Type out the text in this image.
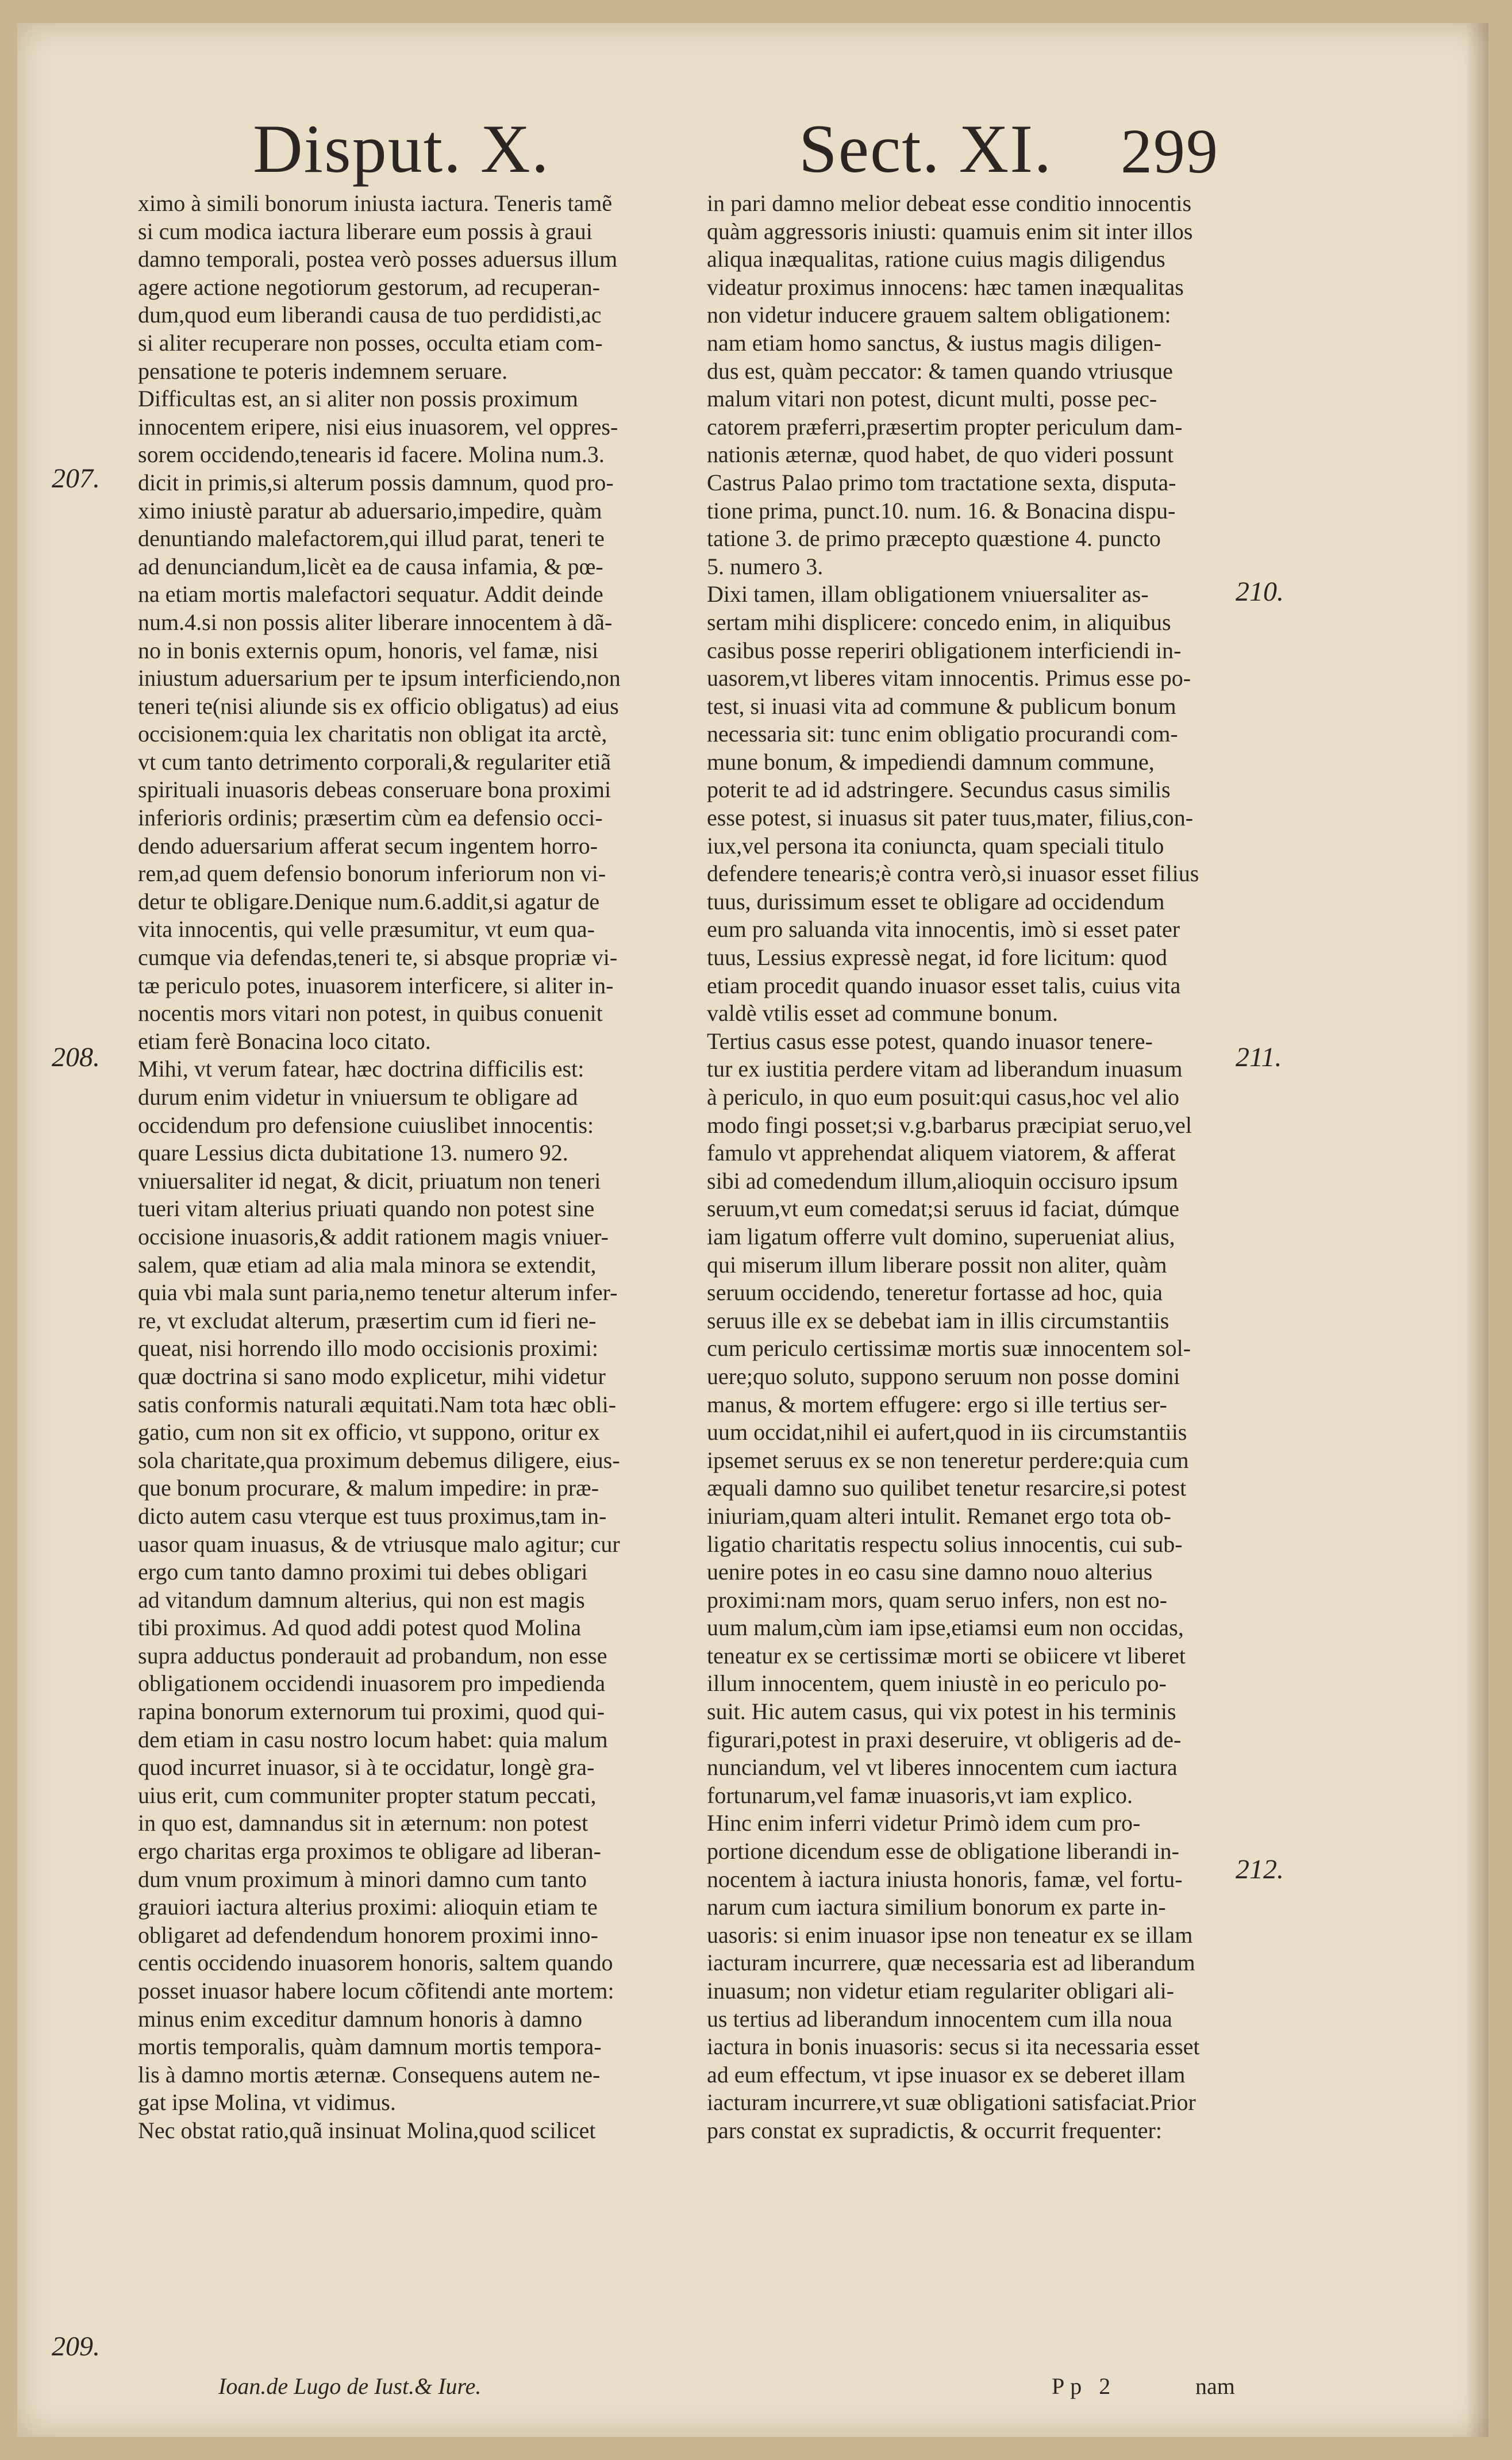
Disput. X.	Sect. XI. 299
ximo à simili bonorum iniusta iactura. Teneris tamẽ
si cum modica iactura liberare eum possis à graui
damno temporali, postea verò posses aduersus illum
agere actione negotiorum gestorum, ad recuperan-
dum,quod eum liberandi causa de tuo perdidisti,ac
si aliter recuperare non posses, occulta etiam com-
pensatione te poteris indemnem seruare.
Difficultas est, an si aliter non possis proximum
innocentem eripere, nisi eius inuasorem, vel oppres-
sorem occidendo,tenearis id facere. Molina num.3.
dicit in primis,si alterum possis damnum, quod pro-
ximo iniustè paratur ab aduersario,impedire, quàm
denuntiando malefactorem,qui illud parat, teneri te
ad denunciandum,licèt ea de causa infamia, & pœ-
na etiam mortis malefactori sequatur. Addit deinde
num.4.si non possis aliter liberare innocentem à dã-
no in bonis externis opum, honoris, vel famæ, nisi
iniustum aduersarium per te ipsum interficiendo,non
teneri te(nisi aliunde sis ex officio obligatus) ad eius
occisionem:quia lex charitatis non obligat ita arctè,
vt cum tanto detrimento corporali,& regulariter etiã
spirituali inuasoris debeas conseruare bona proximi
inferioris ordinis; præsertim cùm ea defensio occi-
dendo aduersarium afferat secum ingentem horro-
rem,ad quem defensio bonorum inferiorum non vi-
detur te obligare.Denique num.6.addit,si agatur de
vita innocentis, qui velle præsumitur, vt eum qua-
cumque via defendas,teneri te, si absque propriæ vi-
tæ periculo potes, inuasorem interficere, si aliter in-
nocentis mors vitari non potest, in quibus conuenit
etiam ferè Bonacina loco citato.
Mihi, vt verum fatear, hæc doctrina difficilis est:
durum enim videtur in vniuersum te obligare ad
occidendum pro defensione cuiuslibet innocentis:
quare Lessius dicta dubitatione 13. numero 92.
vniuersaliter id negat, & dicit, priuatum non teneri
tueri vitam alterius priuati quando non potest sine
occisione inuasoris,& addit rationem magis vniuer-
salem, quæ etiam ad alia mala minora se extendit,
quia vbi mala sunt paria,nemo tenetur alterum infer-
re, vt excludat alterum, præsertim cum id fieri ne-
queat, nisi horrendo illo modo occisionis proximi:
quæ doctrina si sano modo explicetur, mihi videtur
satis conformis naturali æquitati.Nam tota hæc obli-
gatio, cum non sit ex officio, vt suppono, oritur ex
sola charitate,qua proximum debemus diligere, eius-
que bonum procurare, & malum impedire: in præ-
dicto autem casu vterque est tuus proximus,tam in-
uasor quam inuasus, & de vtriusque malo agitur; cur
ergo cum tanto damno proximi tui debes obligari
ad vitandum damnum alterius, qui non est magis
tibi proximus. Ad quod addi potest quod Molina
supra adductus ponderauit ad probandum, non esse
obligationem occidendi inuasorem pro impedienda
rapina bonorum externorum tui proximi, quod qui-
dem etiam in casu nostro locum habet: quia malum
quod incurret inuasor, si à te occidatur, longè gra-
uius erit, cum communiter propter statum peccati,
in quo est, damnandus sit in æternum: non potest
ergo charitas erga proximos te obligare ad liberan-
dum vnum proximum à minori damno cum tanto
grauiori iactura alterius proximi: alioquin etiam te
obligaret ad defendendum honorem proximi inno-
centis occidendo inuasorem honoris, saltem quando
posset inuasor habere locum cõfitendi ante mortem:
minus enim exceditur damnum honoris à damno
mortis temporalis, quàm damnum mortis tempora-
lis à damno mortis æternæ. Consequens autem ne-
gat ipse Molina, vt vidimus.
Nec obstat ratio,quã insinuat Molina,quod scilicet
in pari damno melior debeat esse conditio innocentis
quàm aggressoris iniusti: quamuis enim sit inter illos
aliqua inæqualitas, ratione cuius magis diligendus
videatur proximus innocens: hæc tamen inæqualitas
non videtur inducere grauem saltem obligationem:
nam etiam homo sanctus, & iustus magis diligen-
dus est, quàm peccator: & tamen quando vtriusque
malum vitari non potest, dicunt multi, posse pec-
catorem præferri,præsertim propter periculum dam-
nationis æternæ, quod habet, de quo videri possunt
Castrus Palao primo tom tractatione sexta, disputa-
tione prima, punct.10. num. 16. & Bonacina dispu-
tatione 3. de primo præcepto quæstione 4. puncto
5. numero 3.
Dixi tamen, illam obligationem vniuersaliter as-
sertam mihi displicere: concedo enim, in aliquibus
casibus posse reperiri obligationem interficiendi in-
uasorem,vt liberes vitam innocentis. Primus esse po-
test, si inuasi vita ad commune & publicum bonum
necessaria sit: tunc enim obligatio procurandi com-
mune bonum, & impediendi damnum commune,
poterit te ad id adstringere. Secundus casus similis
esse potest, si inuasus sit pater tuus,mater, filius,con-
iux,vel persona ita coniuncta, quam speciali titulo
defendere tenearis;è contra verò,si inuasor esset filius
tuus, durissimum esset te obligare ad occidendum
eum pro saluanda vita innocentis, imò si esset pater
tuus, Lessius expressè negat, id fore licitum: quod
etiam procedit quando inuasor esset talis, cuius vita
valdè vtilis esset ad commune bonum.
Tertius casus esse potest, quando inuasor tenere-
tur ex iustitia perdere vitam ad liberandum inuasum
à periculo, in quo eum posuit:qui casus,hoc vel alio
modo fingi posset;si v.g.barbarus præcipiat seruo,vel
famulo vt apprehendat aliquem viatorem, & afferat
sibi ad comedendum illum,alioquin occisuro ipsum
seruum,vt eum comedat;si seruus id faciat, dúmque
iam ligatum offerre vult domino, superueniat alius,
qui miserum illum liberare possit non aliter, quàm
seruum occidendo, teneretur fortasse ad hoc, quia
seruus ille ex se debebat iam in illis circumstantiis
cum periculo certissimæ mortis suæ innocentem sol-
uere;quo soluto, suppono seruum non posse domini
manus, & mortem effugere: ergo si ille tertius ser-
uum occidat,nihil ei aufert,quod in iis circumstantiis
ipsemet seruus ex se non teneretur perdere:quia cum
æquali damno suo quilibet tenetur resarcire,si potest
iniuriam,quam alteri intulit. Remanet ergo tota ob-
ligatio charitatis respectu solius innocentis, cui sub-
uenire potes in eo casu sine damno nouo alterius
proximi:nam mors, quam seruo infers, non est no-
uum malum,cùm iam ipse,etiamsi eum non occidas,
teneatur ex se certissimæ morti se obiicere vt liberet
illum innocentem, quem iniustè in eo periculo po-
suit. Hic autem casus, qui vix potest in his terminis
figurari,potest in praxi deseruire, vt obligeris ad de-
nunciandum, vel vt liberes innocentem cum iactura
fortunarum,vel famæ inuasoris,vt iam explico.
Hinc enim inferri videtur Primò idem cum pro-
portione dicendum esse de obligatione liberandi in-
nocentem à iactura iniusta honoris, famæ, vel fortu-
narum cum iactura similium bonorum ex parte in-
uasoris: si enim inuasor ipse non teneatur ex se illam
iacturam incurrere, quæ necessaria est ad liberandum
inuasum; non videtur etiam regulariter obligari ali-
us tertius ad liberandum innocentem cum illa noua
iactura in bonis inuasoris: secus si ita necessaria esset
ad eum effectum, vt ipse inuasor ex se deberet illam
iacturam incurrere,vt suæ obligationi satisfaciat.Prior
pars constat ex supradictis, & occurrit frequenter:
207.
208.
209.
210.
211.
212.
Ioan.de Lugo de Iust.& Iure.	Pp 2	nam
